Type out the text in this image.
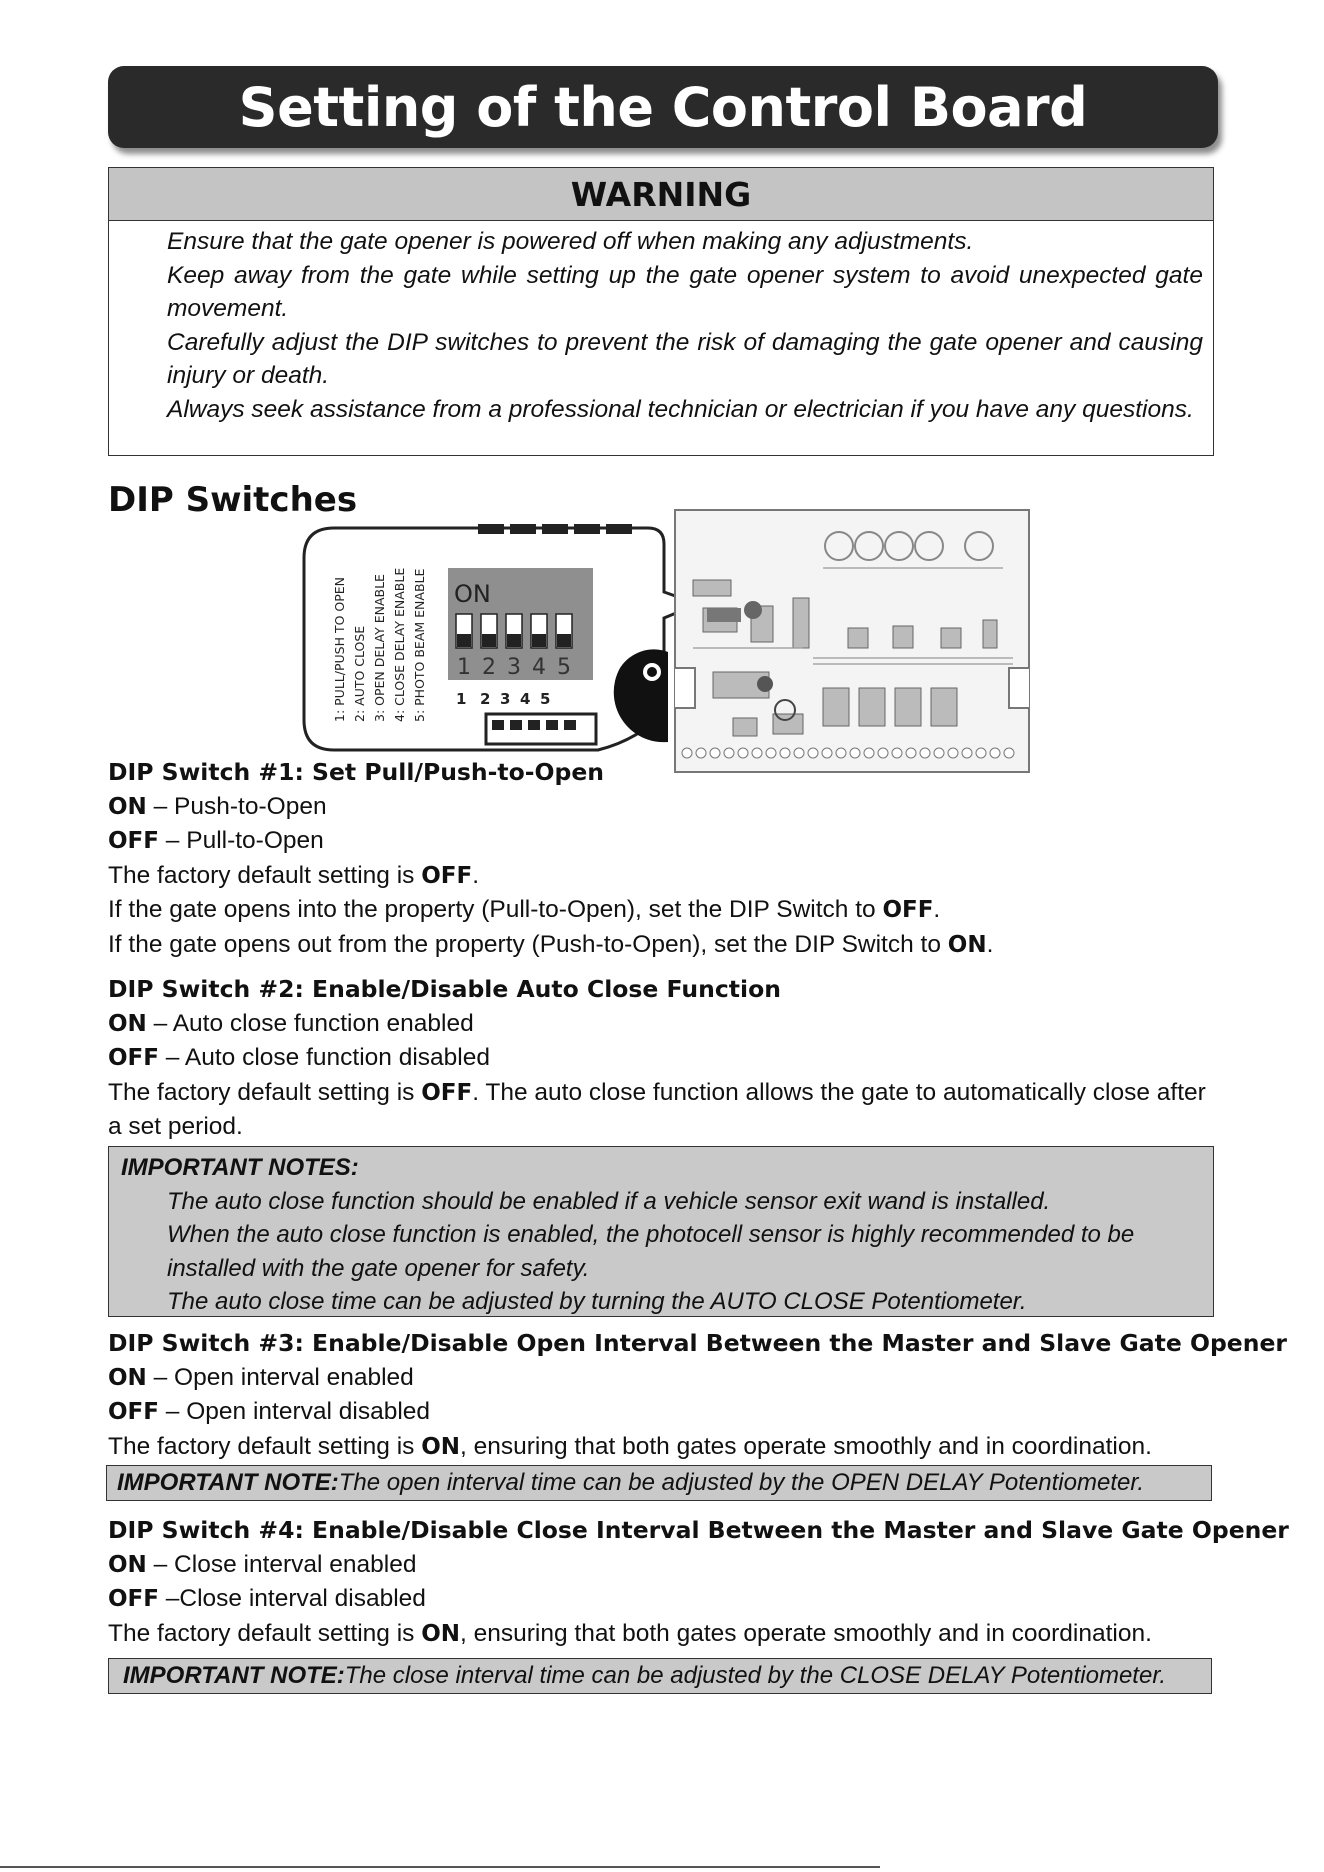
Setting of the Control Board
WARNING

Ensure that the gate opener is powered off when making any adjustments.

Keep away from the gate while setting up the gate opener system to avoid unexpected gate movement.

Carefully adjust the DIP switches to prevent the risk of damaging the gate opener and causing injury or death.

Always seek assistance from a professional technician or electrician if you have any questions.

DIP Switches
1: PULL/PUSH TO OPEN 2: AUTO CLOSE 3: OPEN DELAY ENABLE 4: CLOSE DELAY ENABLE 5: PHOTO BEAM ENABLE ON
1 2 3 4 5
1 2 3 4 5

DIP Switch #1: Set Pull/Push-to-Open

ON – Push-to-Open

OFF – Pull-to-Open

The factory default setting is OFF.

If the gate opens into the property (Pull-to-Open), set the DIP Switch to OFF.

If the gate opens out from the property (Push-to-Open), set the DIP Switch to ON.

DIP Switch #2: Enable/Disable Auto Close Function

ON – Auto close function enabled

OFF – Auto close function disabled

The factory default setting is OFF. The auto close function allows the gate to automatically close after a set period.

IMPORTANT NOTES:

The auto close function should be enabled if a vehicle sensor exit wand is installed.

When the auto close function is enabled, the photocell sensor is highly recommended to be installed with the gate opener for safety.

The auto close time can be adjusted by turning the AUTO CLOSE Potentiometer.

DIP Switch #3: Enable/Disable Open Interval Between the Master and Slave Gate Opener

ON – Open interval enabled

OFF – Open interval disabled

The factory default setting is ON, ensuring that both gates operate smoothly and in coordination.

IMPORTANT NOTE: The open interval time can be adjusted by the OPEN DELAY Potentiometer.

DIP Switch #4: Enable/Disable Close Interval Between the Master and Slave Gate Opener

ON – Close interval enabled

OFF –Close interval disabled

The factory default setting is ON, ensuring that both gates operate smoothly and in coordination.

IMPORTANT NOTE: The close interval time can be adjusted by the CLOSE DELAY Potentiometer.
